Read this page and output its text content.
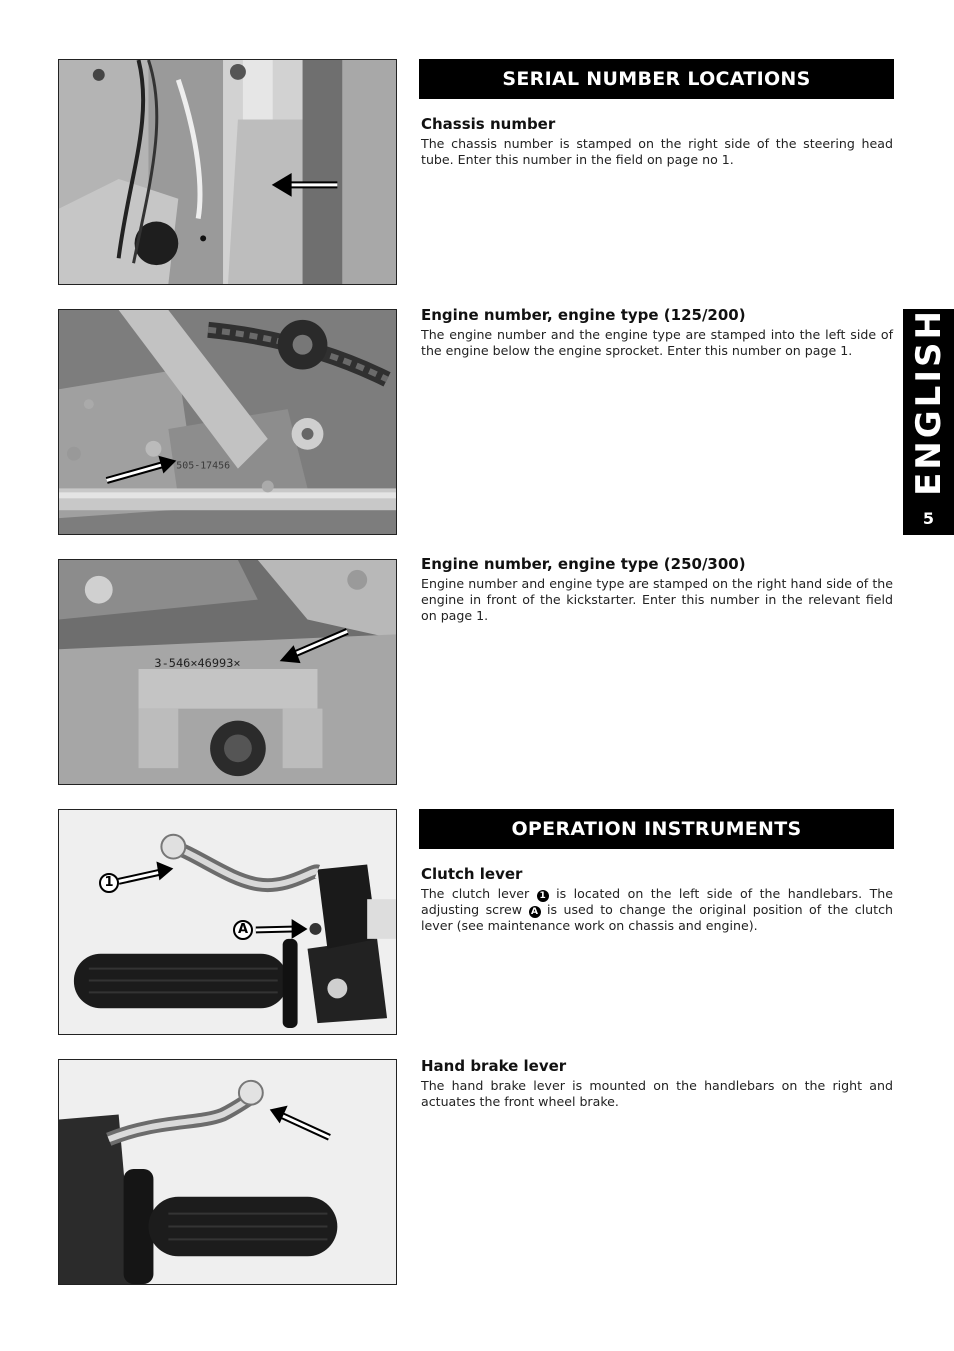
505-17456
3-546×46993×
1
A
SERIAL NUMBER LOCATIONS
Chassis number

The chassis number is stamped on the right side of the steering head tube. Enter this number in the field on page no 1.

Engine number, engine type (125/200)

The engine number and the engine type are stamped into the left side of the engine below the engine sprocket. Enter this number on page 1.

Engine number, engine type (250/300)

Engine number and engine type are stamped on the right hand side of the engine in front of the kickstarter. Enter this number in the relevant field on page 1.

OPERATION INSTRUMENTS
Clutch lever

The clutch lever 1 is located on the left side of the handlebars. The adjusting screw A is used to change the original position of the clutch lever (see maintenance work on chassis and engine).

Hand brake lever

The hand brake lever is mounted on the handlebars on the right and actuates the front wheel brake.

ENGLISH
5
